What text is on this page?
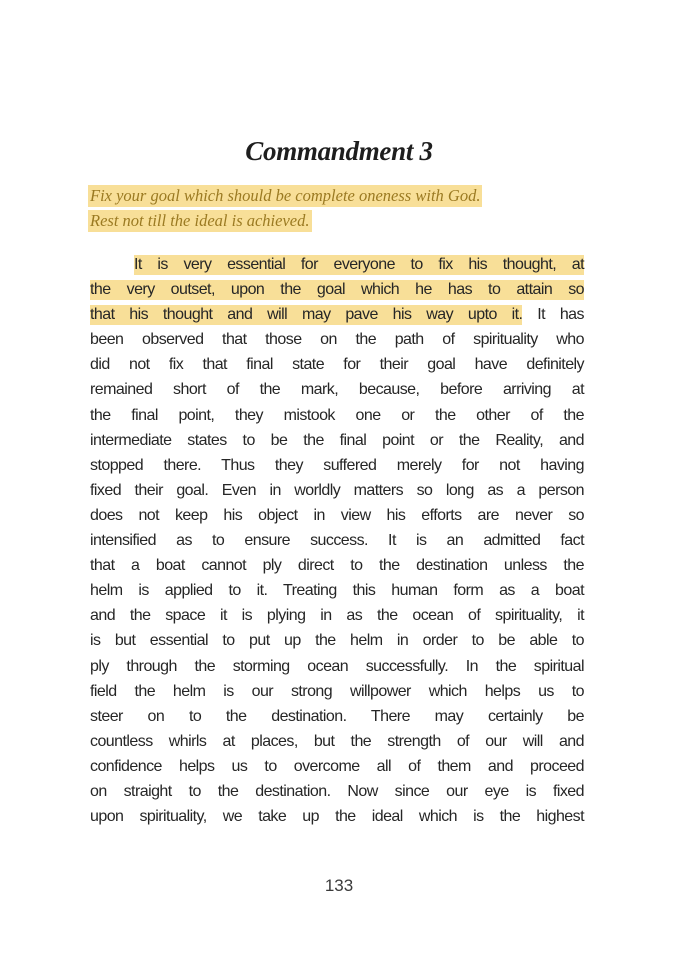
Commandment 3
Fix your goal which should be complete oneness with God.
Rest not till the ideal is achieved.
It is very essential for everyone to fix his thought, at
the very outset, upon the goal which he has to attain so
that his thought and will may pave his way upto it. It has
been observed that those on the path of spirituality who
did not fix that final state for their goal have definitely
remained short of the mark, because, before arriving at
the final point, they mistook one or the other of the
intermediate states to be the final point or the Reality, and
stopped there. Thus they suffered merely for not having
fixed their goal. Even in worldly matters so long as a person
does not keep his object in view his efforts are never so
intensified as to ensure success. It is an admitted fact
that a boat cannot ply direct to the destination unless the
helm is applied to it. Treating this human form as a boat
and the space it is plying in as the ocean of spirituality, it
is but essential to put up the helm in order to be able to
ply through the storming ocean successfully. In the spiritual
field the helm is our strong willpower which helps us to
steer on to the destination. There may certainly be
countless whirls at places, but the strength of our will and
confidence helps us to overcome all of them and proceed
on straight to the destination. Now since our eye is fixed
upon spirituality, we take up the ideal which is the highest
133
